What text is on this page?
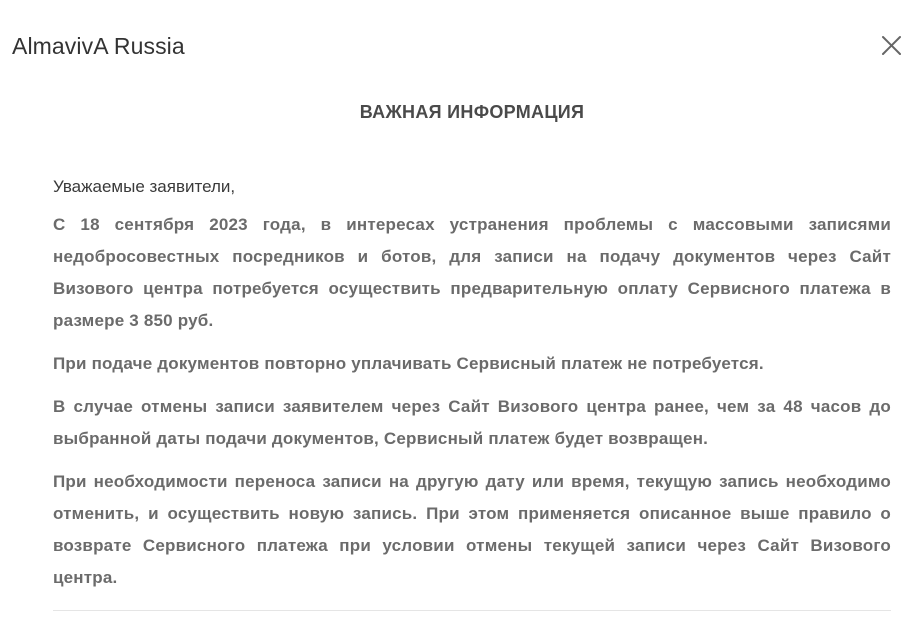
AlmavivA Russia
ВАЖНАЯ ИНФОРМАЦИЯ
Уважаемые заявители,

С 18 сентября 2023 года, в интересах устранения проблемы с массовыми записями недобросовестных посредников и ботов, для записи на подачу документов через Сайт Визового центра потребуется осуществить предварительную оплату Сервисного платежа в размере 3 850 руб.

При подаче документов повторно уплачивать Сервисный платеж не потребуется.

В случае отмены записи заявителем через Сайт Визового центра ранее, чем за 48 часов до выбранной даты подачи документов, Сервисный платеж будет возвращен.

При необходимости переноса записи на другую дату или время, текущую запись необходимо отменить, и осуществить новую запись. При этом применяется описанное выше правило о возврате Сервисного платежа при условии отмены текущей записи через Сайт Визового центра.
